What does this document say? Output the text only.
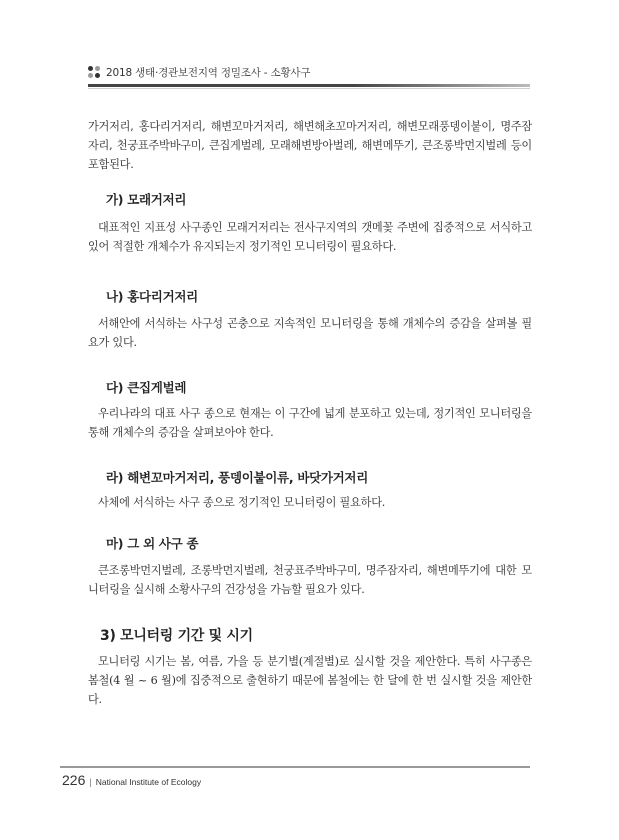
2018 생태·경관보전지역 정밀조사 - 소황사구
가거저리, 홍다리거저리, 해변꼬마거저리, 해변해초꼬마거저리, 해변모래풍뎅이붙이, 명주잠자리, 천궁표주박바구미, 큰집게벌레, 모래해변방아벌레, 해변메뚜기, 큰조롱박먼지벌레 등이 포함된다.
가) 모래거저리
대표적인 지표성 사구종인 모래거저리는 전사구지역의 갯메꽃 주변에 집중적으로 서식하고 있어 적절한 개체수가 유지되는지 정기적인 모니터링이 필요하다.
나) 홍다리거저리
서해안에 서식하는 사구성 곤충으로 지속적인 모니터링을 통해 개체수의 증감을 살펴볼 필요가 있다.
다) 큰집게벌레
우리나라의 대표 사구 종으로 현재는 이 구간에 넓게 분포하고 있는데, 정기적인 모니터링을 통해 개체수의 증감을 살펴보아야 한다.
라) 해변꼬마거저리, 풍뎅이붙이류, 바닷가거저리
사체에 서식하는 사구 종으로 정기적인 모니터링이 필요하다.
마) 그 외 사구 종
큰조롱박먼지벌레, 조롱박먼지벌레, 천궁표주박바구미, 명주잠자리, 해변메뚜기에 대한 모니터링을 실시해 소황사구의 건강성을 가늠할 필요가 있다.
3) 모니터링 기간 및 시기
모니터링 시기는 봄, 여름, 가을 등 분기별(계절별)로 실시할 것을 제안한다. 특히 사구종은 봄철(4 월 ~ 6 월)에 집중적으로 출현하기 때문에 봄철에는 한 달에 한 번 실시할 것을 제안한다.
226 | National Institute of Ecology
